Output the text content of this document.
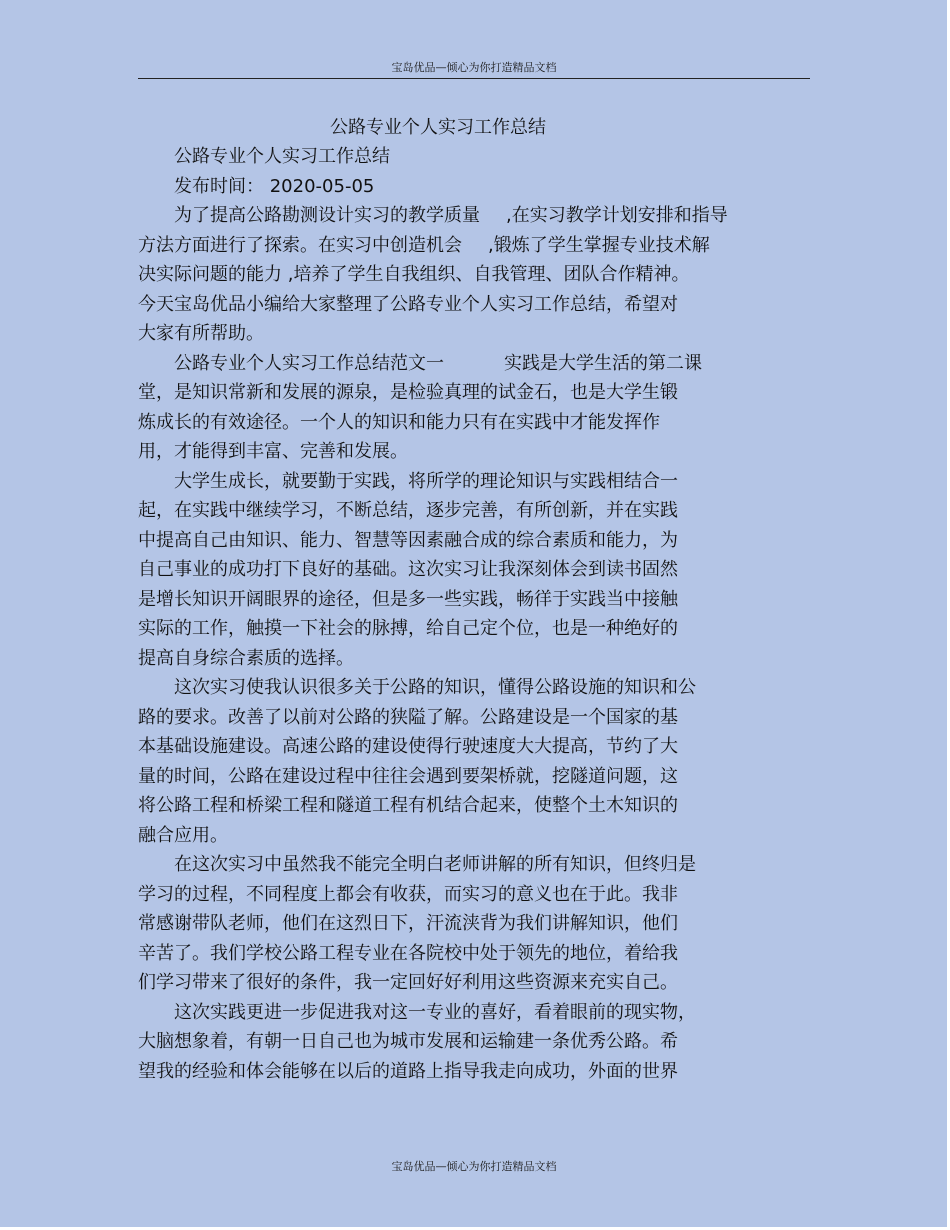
宝岛优品—倾心为你打造精品文档
公路专业个人实习工作总结
公路专业个人实习工作总结
发布时间： 2020-05-05
为了提高公路勘测设计实习的教学质量 ,在实习教学计划安排和指导
方法方面进行了探索。在实习中创造机会 ,锻炼了学生掌握专业技术解
决实际问题的能力 ,培养了学生自我组织、自我管理、团队合作精神。
今天宝岛优品小编给大家整理了公路专业个人实习工作总结，希望对
大家有所帮助。
公路专业个人实习工作总结范文一	实践是大学生活的第二课
堂，是知识常新和发展的源泉，是检验真理的试金石，也是大学生锻
炼成长的有效途径。一个人的知识和能力只有在实践中才能发挥作
用，才能得到丰富、完善和发展。
大学生成长，就要勤于实践，将所学的理论知识与实践相结合一
起，在实践中继续学习，不断总结，逐步完善，有所创新，并在实践
中提高自己由知识、能力、智慧等因素融合成的综合素质和能力，为
自己事业的成功打下良好的基础。这次实习让我深刻体会到读书固然
是增长知识开阔眼界的途径，但是多一些实践，畅徉于实践当中接触
实际的工作，触摸一下社会的脉搏，给自己定个位，也是一种绝好的
提高自身综合素质的选择。
这次实习使我认识很多关于公路的知识，懂得公路设施的知识和公
路的要求。改善了以前对公路的狭隘了解。公路建设是一个国家的基
本基础设施建设。高速公路的建设使得行驶速度大大提高，节约了大
量的时间，公路在建设过程中往往会遇到要架桥就，挖隧道问题，这
将公路工程和桥梁工程和隧道工程有机结合起来，使整个土木知识的
融合应用。
在这次实习中虽然我不能完全明白老师讲解的所有知识，但终归是
学习的过程，不同程度上都会有收获，而实习的意义也在于此。我非
常感谢带队老师，他们在这烈日下，汗流浃背为我们讲解知识，他们
辛苦了。我们学校公路工程专业在各院校中处于领先的地位，着给我
们学习带来了很好的条件，我一定回好好利用这些资源来充实自己。
这次实践更进一步促进我对这一专业的喜好，看着眼前的现实物，
大脑想象着，有朝一日自己也为城市发展和运输建一条优秀公路。希
望我的经验和体会能够在以后的道路上指导我走向成功，外面的世界
宝岛优品—倾心为你打造精品文档
